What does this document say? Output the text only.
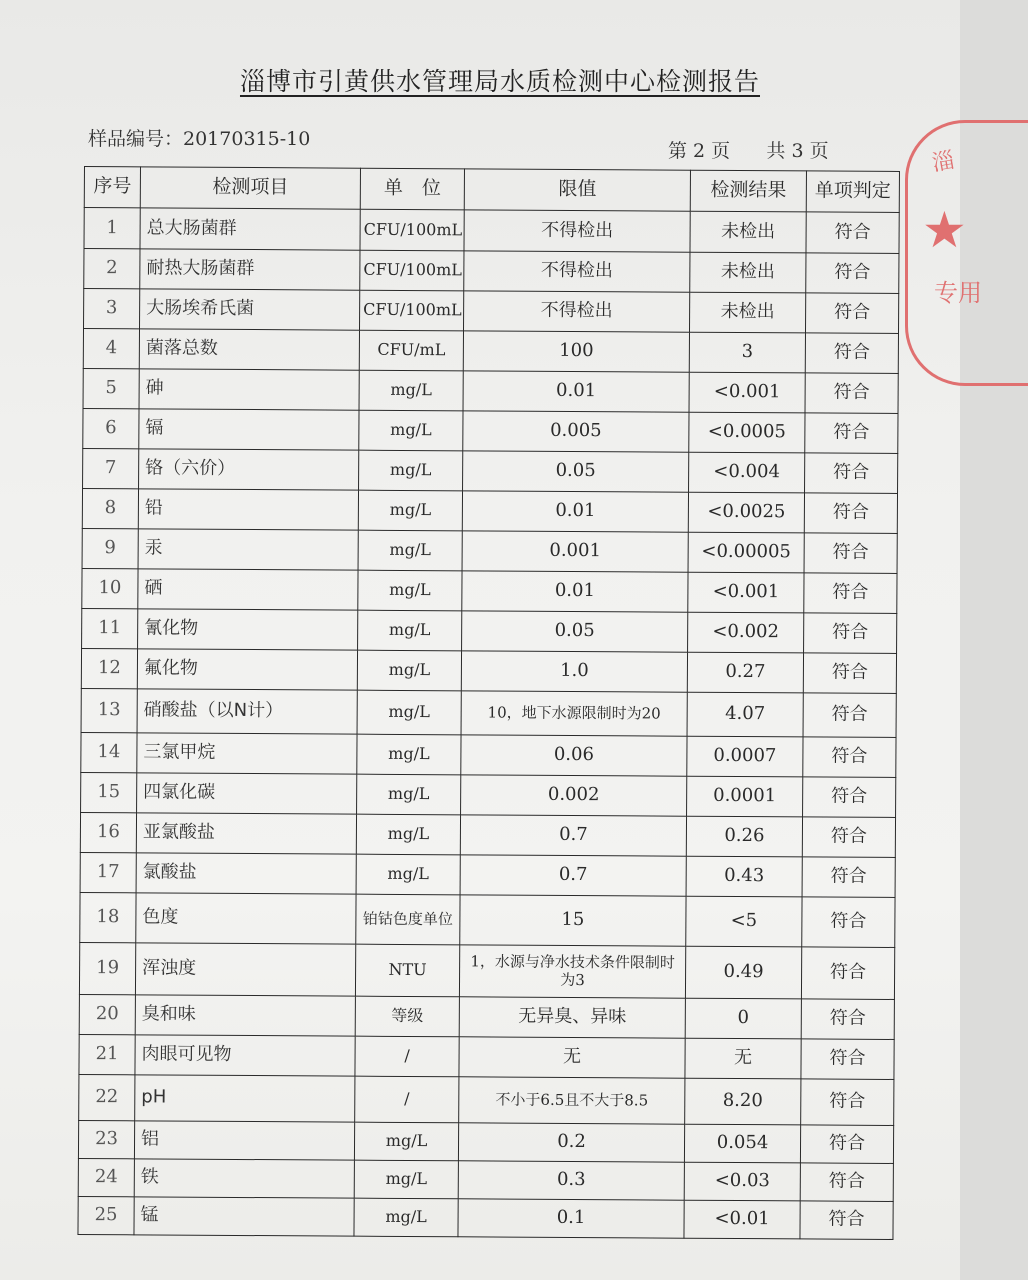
淄博市引黄供水管理局水质检测中心检测报告
样品编号：20170315-10
第 2 页      共 3 页
序号	检测项目	单　位	限值	检测结果	单项判定
1	总大肠菌群	CFU/100mL	不得检出	未检出	符合
2	耐热大肠菌群	CFU/100mL	不得检出	未检出	符合
3	大肠埃希氏菌	CFU/100mL	不得检出	未检出	符合
4	菌落总数	CFU/mL	100	3	符合
5	砷	mg/L	0.01	<0.001	符合
6	镉	mg/L	0.005	<0.0005	符合
7	铬（六价）	mg/L	0.05	<0.004	符合
8	铅	mg/L	0.01	<0.0025	符合
9	汞	mg/L	0.001	<0.00005	符合
10	硒	mg/L	0.01	<0.001	符合
11	氰化物	mg/L	0.05	<0.002	符合
12	氟化物	mg/L	1.0	0.27	符合
13	硝酸盐（以N计）	mg/L	10，地下水源限制时为20	4.07	符合
14	三氯甲烷	mg/L	0.06	0.0007	符合
15	四氯化碳	mg/L	0.002	0.0001	符合
16	亚氯酸盐	mg/L	0.7	0.26	符合
17	氯酸盐	mg/L	0.7	0.43	符合
18	色度	铂钴色度单位	15	<5	符合
19	浑浊度	NTU	1，水源与净水技术条件限制时为3	0.49	符合
20	臭和味	等级	无异臭、异味	0	符合
21	肉眼可见物	/	无	无	符合
22	pH	/	不小于6.5且不大于8.5	8.20	符合
23	铝	mg/L	0.2	0.054	符合
24	铁	mg/L	0.3	<0.03	符合
25	锰	mg/L	0.1	<0.01	符合
淄
★
专用
